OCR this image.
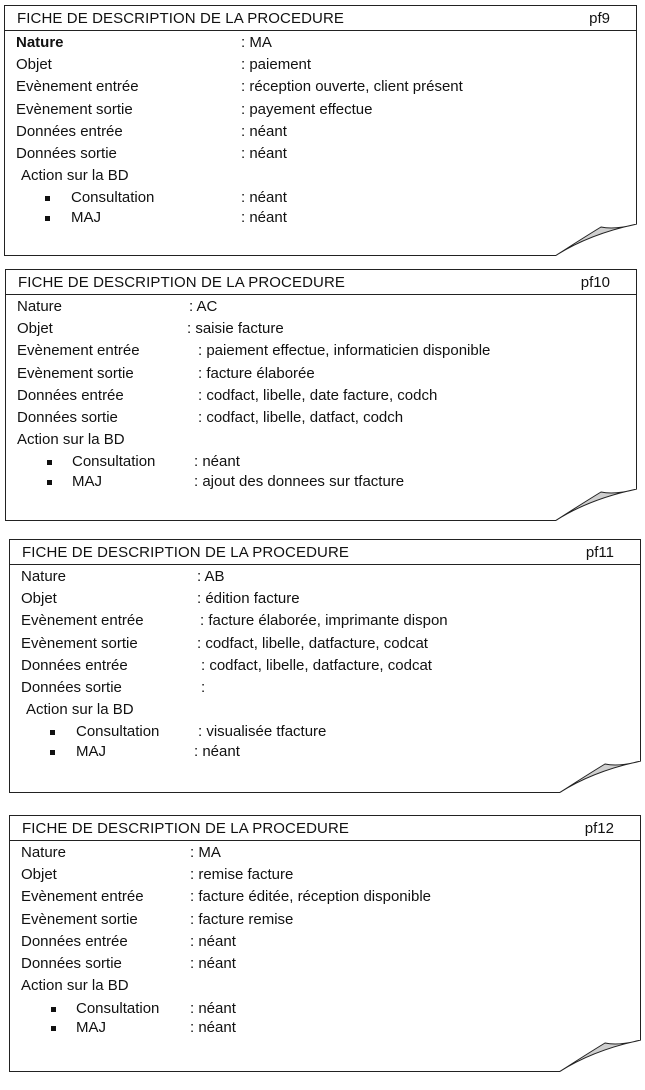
FICHE DE DESCRIPTION DE LA PROCEDURE	pf9
Nature	: MA
Objet	: paiement
Evènement entrée	: réception ouverte, client présent
Evènement sortie	: payement effectue
Données entrée	: néant
Données sortie	: néant
Action sur la BD
Consultation	: néant
MAJ	: néant
FICHE DE DESCRIPTION DE LA PROCEDURE	pf10
Nature	: AC
Objet	: saisie facture
Evènement entrée	: paiement effectue, informaticien disponible
Evènement sortie	: facture élaborée
Données entrée	: codfact, libelle, date facture, codch
Données sortie	: codfact, libelle, datfact, codch
Action sur la BD
Consultation	: néant
MAJ	: ajout des donnees sur tfacture
FICHE DE DESCRIPTION DE LA PROCEDURE	pf11
Nature	: AB
Objet	: édition facture
Evènement entrée	: facture élaborée, imprimante dispon
Evènement sortie	: codfact, libelle, datfacture, codcat
Données entrée	: codfact, libelle, datfacture, codcat
Données sortie	:
Action sur la BD
Consultation	: visualisée tfacture
MAJ	: néant
FICHE DE DESCRIPTION DE LA PROCEDURE	pf12
Nature	: MA
Objet	: remise facture
Evènement entrée	: facture éditée, réception disponible
Evènement sortie	: facture remise
Données entrée	: néant
Données sortie	: néant
Action sur la BD
Consultation : néant
MAJ	: néant
